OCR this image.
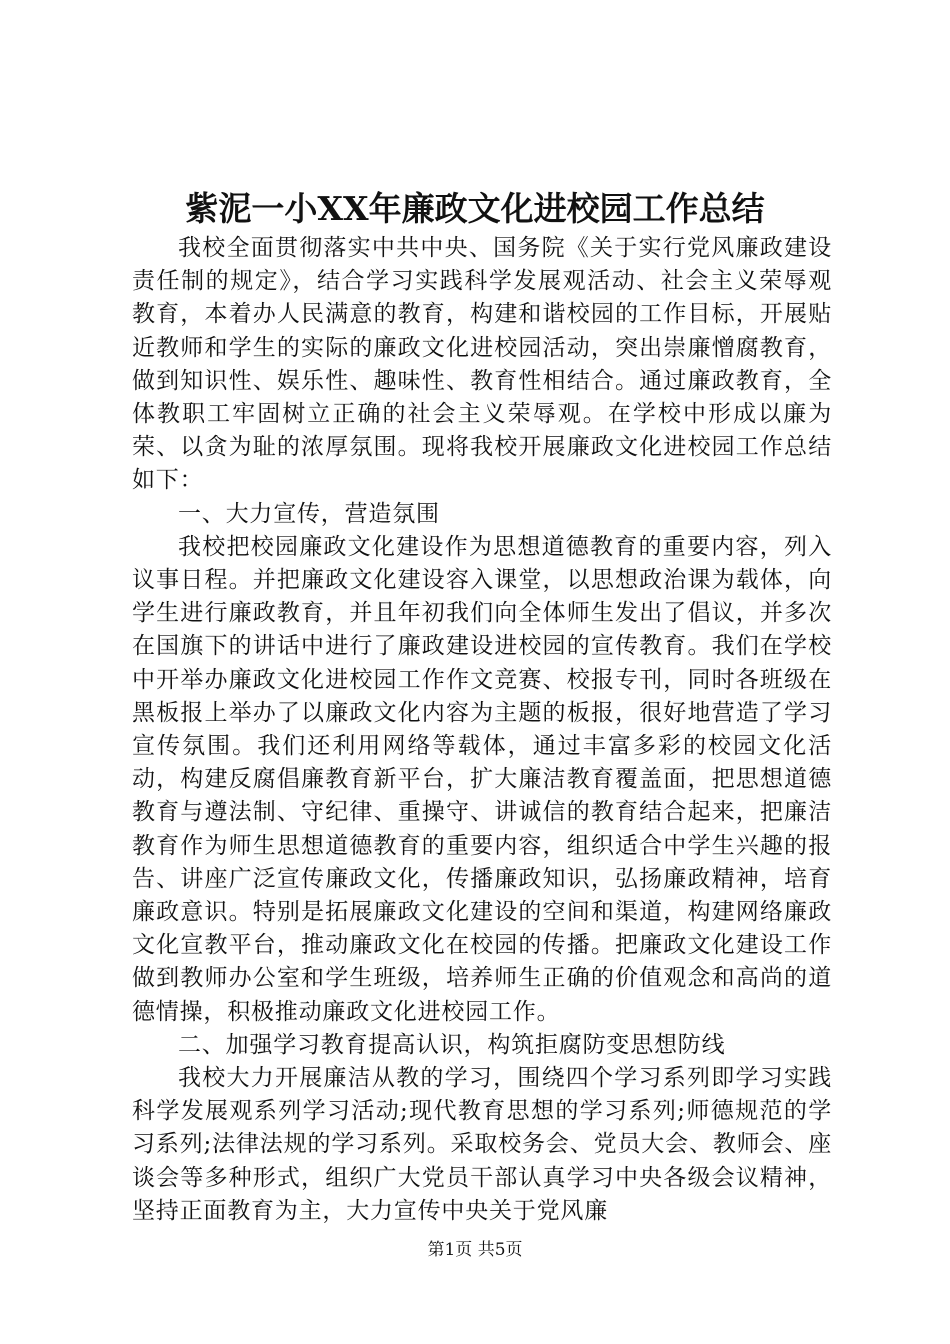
紫泥一小XX年廉政文化进校园工作总结

我校全面贯彻落实中共中央、国务院《关于实行党风廉政建设责任制的规定》，结合学习实践科学发展观活动、社会主义荣辱观教育，本着办人民满意的教育，构建和谐校园的工作目标，开展贴近教师和学生的实际的廉政文化进校园活动，突出崇廉憎腐教育，做到知识性、娱乐性、趣味性、教育性相结合。通过廉政教育，全体教职工牢固树立正确的社会主义荣辱观。在学校中形成以廉为荣、以贪为耻的浓厚氛围。现将我校开展廉政文化进校园工作总结如下：

一、大力宣传，营造氛围

我校把校园廉政文化建设作为思想道德教育的重要内容，列入议事日程。并把廉政文化建设容入课堂，以思想政治课为载体，向学生进行廉政教育，并且年初我们向全体师生发出了倡议，并多次在国旗下的讲话中进行了廉政建设进校园的宣传教育。我们在学校中开举办廉政文化进校园工作作文竞赛、校报专刊，同时各班级在黑板报上举办了以廉政文化内容为主题的板报，很好地营造了学习宣传氛围。我们还利用网络等载体，通过丰富多彩的校园文化活动，构建反腐倡廉教育新平台，扩大廉洁教育覆盖面，把思想道德教育与遵法制、守纪律、重操守、讲诚信的教育结合起来，把廉洁教育作为师生思想道德教育的重要内容，组织适合中学生兴趣的报告、讲座广泛宣传廉政文化，传播廉政知识，弘扬廉政精神，培育廉政意识。特别是拓展廉政文化建设的空间和渠道，构建网络廉政文化宣教平台，推动廉政文化在校园的传播。把廉政文化建设工作做到教师办公室和学生班级，培养师生正确的价值观念和高尚的道德情操，积极推动廉政文化进校园工作。

二、加强学习教育提高认识，构筑拒腐防变思想防线

我校大力开展廉洁从教的学习，围绕四个学习系列即学习实践科学发展观系列学习活动;现代教育思想的学习系列;师德规范的学习系列;法律法规的学习系列。采取校务会、党员大会、教师会、座谈会等多种形式，组织广大党员干部认真学习中央各级会议精神，坚持正面教育为主，大力宣传中央关于党风廉

第1页 共5页
